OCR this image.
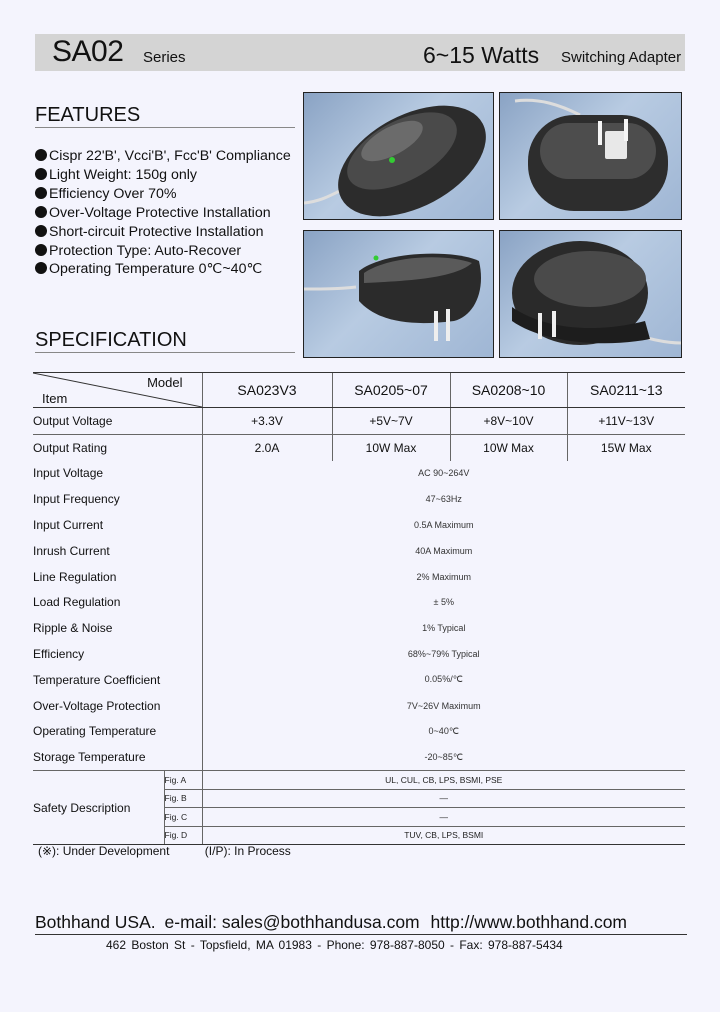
SA02 Series	6~15 Watts Switching Adapter
FEATURES
Cispr 22'B', Vcci'B', Fcc'B' Compliance
Light Weight: 150g only
Efficiency Over 70%
Over-Voltage Protective Installation
Short-circuit Protective Installation
Protection Type: Auto-Recover
Operating Temperature 0℃~40℃
SPECIFICATION
Model
Item		SA023V3	SA0205~07	SA0208~10	SA0211~13
Output Voltage		+3.3V	+5V~7V	+8V~10V	+11V~13V
Output Rating		2.0A	10W Max	10W Max	15W Max
Input Voltage		AC 90~264V			
Input Frequency		47~63Hz			
Input Current		0.5A Maximum			
Inrush Current		40A Maximum			
Line Regulation		2% Maximum			
Load Regulation		± 5%			
Ripple & Noise		1% Typical			
Efficiency		68%~79% Typical			
Temperature Coefficient		0.05%/℃			
Over-Voltage Protection		7V~26V Maximum			
Operating Temperature		0~40℃			
Storage Temperature		-20~85℃			
Safety Description	Fig. A	UL, CUL, CB, LPS, BSMI, PSE			
	Fig. B	—			
	Fig. C	—			
	Fig. D	TUV, CB, LPS, BSMI			
(※): Under Development	(I/P): In Process
Bothhand USA. e-mail: sales@bothhandusa.com http://www.bothhand.com
462 Boston St - Topsfield, MA 01983 - Phone: 978-887-8050 - Fax: 978-887-5434
